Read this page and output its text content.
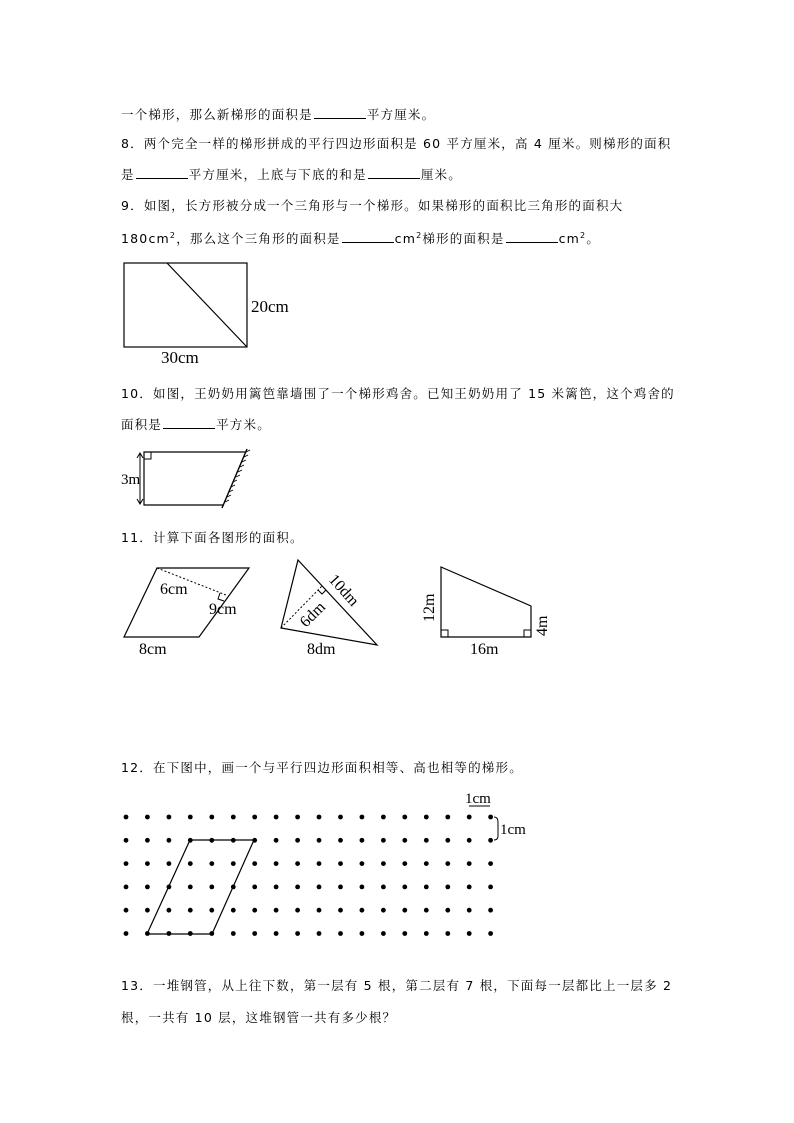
一个梯形，那么新梯形的面积是	平方厘米。
8．两个完全一样的梯形拼成的平行四边形面积是 60 平方厘米，高 4 厘米。则梯形的面积
是	平方厘米，上底与下底的和是	厘米。
9．如图，长方形被分成一个三角形与一个梯形。如果梯形的面积比三角形的面积大
$180cm^2$，那么这个三角形的面积是	$cm^2$梯形的面积是	$cm^2$。
20cm
30cm
10．如图，王奶奶用篱笆靠墙围了一个梯形鸡舍。已知王奶奶用了 15 米篱笆，这个鸡舍的
面积是	平方米。
3m
11．计算下面各图形的面积。
6cm
9cm
8cm
10dm
6dm
8dm
12m
4m
16m
12．在下图中，画一个与平行四边形面积相等、高也相等的梯形。
1cm
1cm
13．一堆钢管，从上往下数，第一层有 5 根，第二层有 7 根，下面每一层都比上一层多 2
根，一共有 10 层，这堆钢管一共有多少根？
